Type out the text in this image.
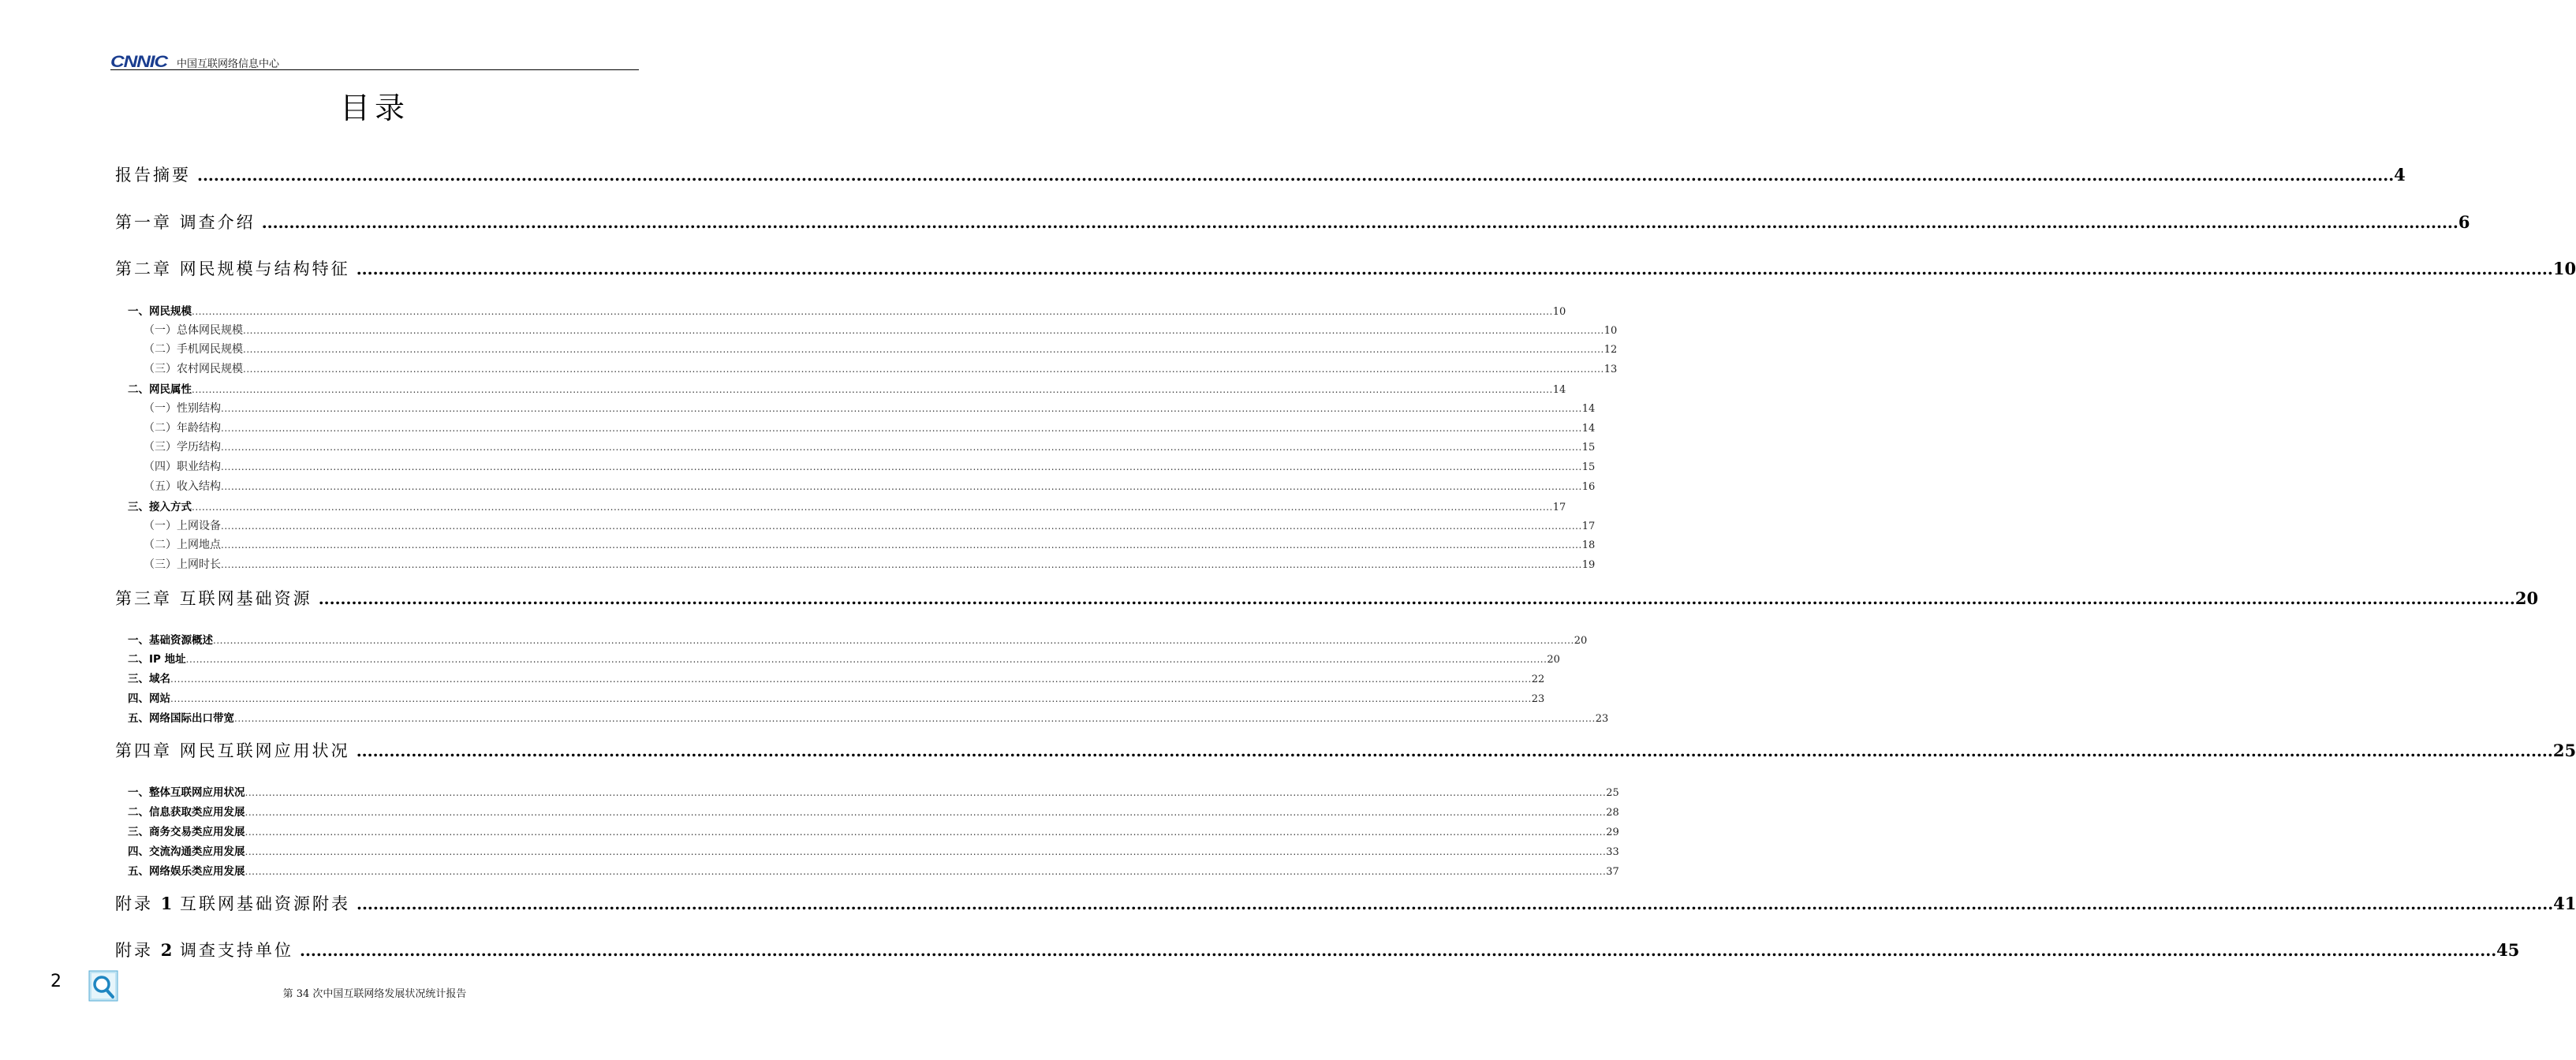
CNNIC 中国互联网络信息中心
目录
报告摘要 ................................................................................................................................................................................................................................................................................................................................................................................................................ 4
第一章 调查介绍 ................................................................................................................................................................................................................................................................................................................................................................................................................ 6
第二章 网民规模与结构特征 ................................................................................................................................................................................................................................................................................................................................................................................................................ 10
一、网民规模 ................................................................................................................................................................................................................................................................................................................................................................................................................ 10
（一）总体网民规模 ................................................................................................................................................................................................................................................................................................................................................................................................................ 10
（二）手机网民规模 ................................................................................................................................................................................................................................................................................................................................................................................................................ 12
（三）农村网民规模 ................................................................................................................................................................................................................................................................................................................................................................................................................ 13
二、网民属性 ................................................................................................................................................................................................................................................................................................................................................................................................................ 14
（一）性别结构 ................................................................................................................................................................................................................................................................................................................................................................................................................ 14
（二）年龄结构 ................................................................................................................................................................................................................................................................................................................................................................................................................ 14
（三）学历结构 ................................................................................................................................................................................................................................................................................................................................................................................................................ 15
（四）职业结构 ................................................................................................................................................................................................................................................................................................................................................................................................................ 15
（五）收入结构 ................................................................................................................................................................................................................................................................................................................................................................................................................ 16
三、接入方式 ................................................................................................................................................................................................................................................................................................................................................................................................................ 17
（一）上网设备 ................................................................................................................................................................................................................................................................................................................................................................................................................ 17
（二）上网地点 ................................................................................................................................................................................................................................................................................................................................................................................................................ 18
（三）上网时长 ................................................................................................................................................................................................................................................................................................................................................................................................................ 19
第三章 互联网基础资源 ................................................................................................................................................................................................................................................................................................................................................................................................................ 20
一、基础资源概述 ................................................................................................................................................................................................................................................................................................................................................................................................................ 20
二、IP 地址 ................................................................................................................................................................................................................................................................................................................................................................................................................ 20
三、域名 ................................................................................................................................................................................................................................................................................................................................................................................................................ 22
四、网站 ................................................................................................................................................................................................................................................................................................................................................................................................................ 23
五、网络国际出口带宽 ................................................................................................................................................................................................................................................................................................................................................................................................................ 23
第四章 网民互联网应用状况 ................................................................................................................................................................................................................................................................................................................................................................................................................ 25
一、整体互联网应用状况 ................................................................................................................................................................................................................................................................................................................................................................................................................ 25
二、信息获取类应用发展 ................................................................................................................................................................................................................................................................................................................................................................................................................ 28
三、商务交易类应用发展 ................................................................................................................................................................................................................................................................................................................................................................................................................ 29
四、交流沟通类应用发展 ................................................................................................................................................................................................................................................................................................................................................................................................................ 33
五、网络娱乐类应用发展 ................................................................................................................................................................................................................................................................................................................................................................................................................ 37
附录 1 互联网基础资源附表 ................................................................................................................................................................................................................................................................................................................................................................................................................ 41
附录 2 调查支持单位 ................................................................................................................................................................................................................................................................................................................................................................................................................ 45
2
第 34 次中国互联网络发展状况统计报告
